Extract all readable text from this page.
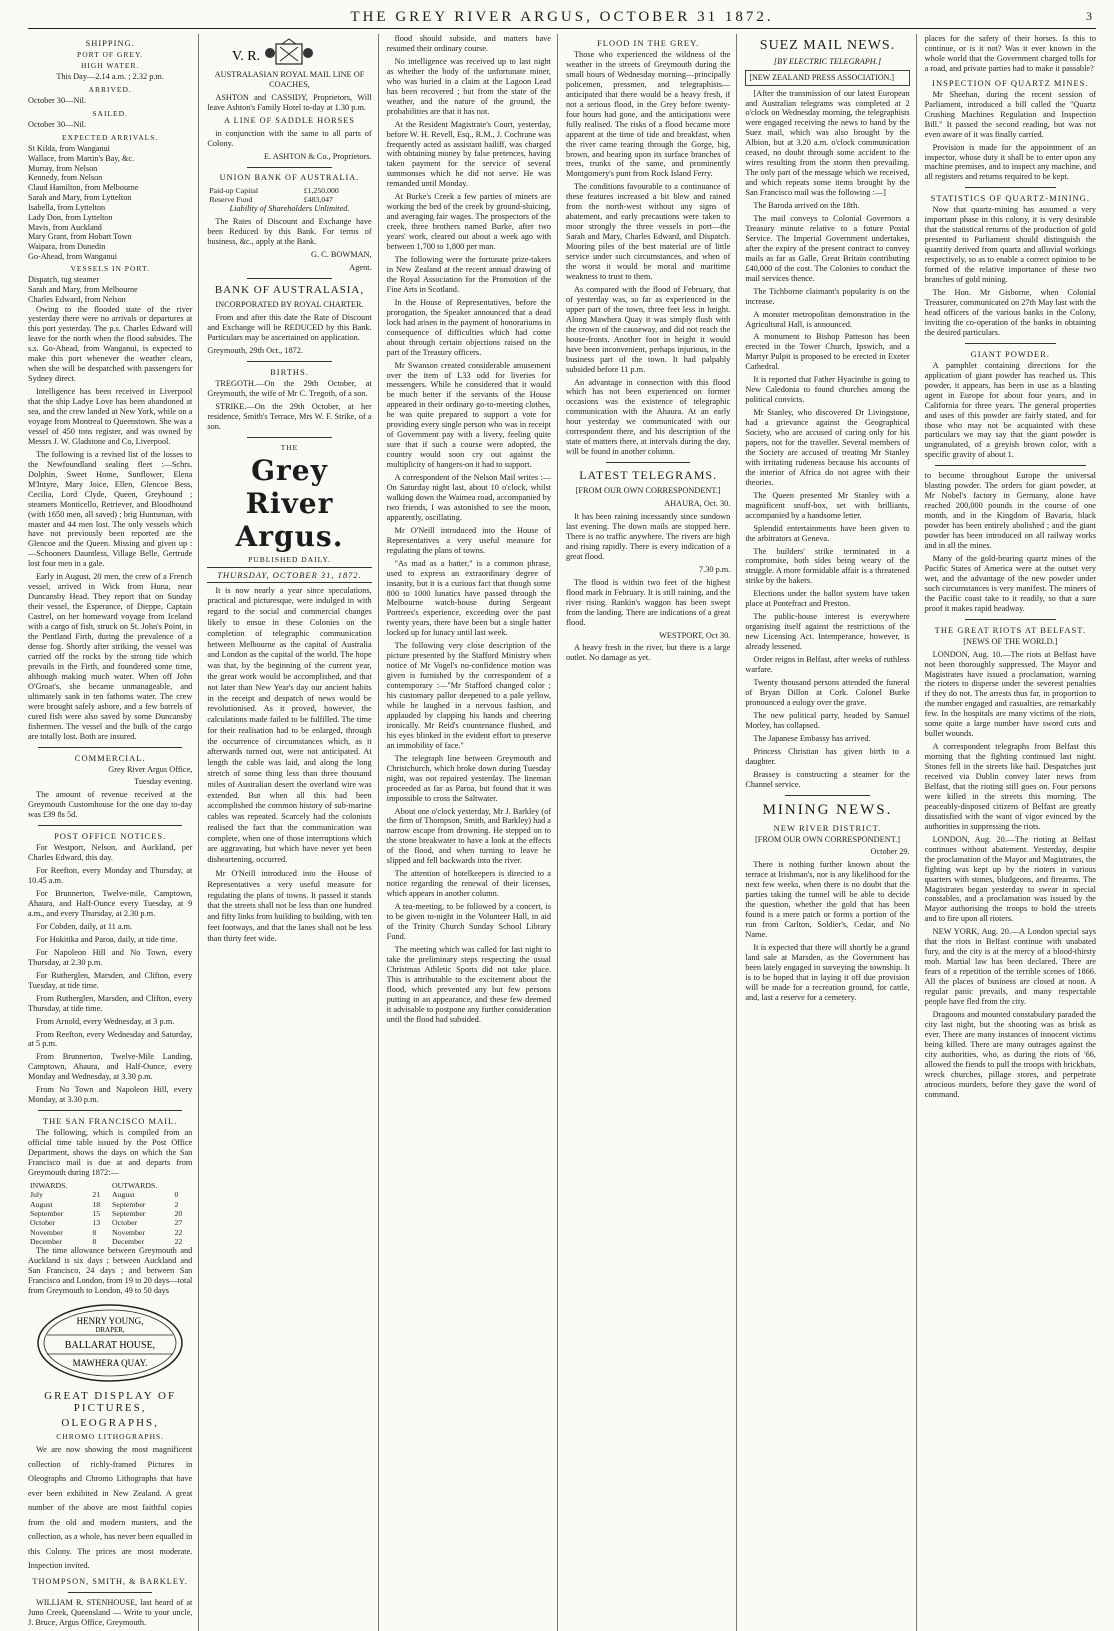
THE GREY RIVER ARGUS, OCTOBER 31 1872.	3
SHIPPING.
PORT OF GREY.
HIGH WATER.

This Day—2.14 a.m. ; 2.32 p.m.

ARRIVED.

October 30—Nil.

SAILED.

October 30—Nil.

EXPECTED ARRIVALS.
St Kilda, from Wanganui
Wallace, from Martin's Bay, &c.
Murray, from Nelson
Kennedy, from Nelson
Claud Hamilton, from Melbourne
Sarah and Mary, from Lyttelton
Isabella, from Lyttelton
Lady Don, from Lyttelton
Mavis, from Auckland
Mary Grant, from Hobart Town
Waipara, from Dunedin
Go-Ahead, from Wanganui
VESSELS IN PORT.
Dispatch, tug steamer
Sarah and Mary, from Melbourne
Charles Edward, from Nelson

Owing to the flooded state of the river yesterday there were no arrivals or departures at this port yesterday. The p.s. Charles Edward will leave for the north when the flood subsides. The s.s. Go-Ahead, from Wanganui, is expected to make this port whenever the weather clears, when she will be despatched with passengers for Sydney direct.

Intelligence has been received in Liverpool that the ship Ladye Love has been abandoned at sea, and the crew landed at New York, while on a voyage from Montreal to Queenstown. She was a vessel of 450 tons register, and was owned by Messrs J. W. Gladstone and Co, Liverpool.

The following is a revised list of the losses to the Newfoundland sealing fleet :—Schrs. Dolphin, Sweet Home, Sunflower, Elena M'Intyre, Mary Joice, Ellen, Glencoe Bess, Cecilia, Lord Clyde, Queen, Greyhound ; steamers Monticello, Retriever, and Bloodhound (with 1650 men, all saved) ; brig Huntsman, with master and 44 men lost. The only vessels which have not previously been reported are the Glencoe and the Queen. Missing and given up :—Schooners Dauntless, Village Belle, Gertrude lost four men in a gale.

Early in August, 20 men, the crew of a French vessel, arrived in Wick from Huna, near Duncansby Head. They report that on Sunday their vessel, the Esperance, of Dieppe, Captain Castrel, on her homeward voyage from Iceland with a cargo of fish, struck on St. John's Point, in the Pentland Firth, during the prevalence of a dense fog. Shortly after striking, the vessel was carried off the rocks by the strong tide which prevails in the Firth, and foundered some time, although making much water. When off John O'Groat's, she became unmanageable, and ultimately sank in ten fathoms water. The crew were brought safely ashore, and a few barrels of cured fish were also saved by some Duncansby fishermen. The vessel and the bulk of the cargo are totally lost. Both are insured.

COMMERCIAL.

Grey River Argus Office,

Tuesday evening.

The amount of revenue received at the Greymouth Customhouse for the one day to-day was £39 8s 5d.

POST OFFICE NOTICES.

For Westport, Nelson, and Auckland, per Charles Edward, this day.

For Reefton, every Monday and Thursday, at 10.45 a.m.

For Brunnerton, Twelve-mile, Camptown, Ahaura, and Half-Ounce every Tuesday, at 9 a.m., and every Thursday, at 2.30 p.m.

For Cobden, daily, at 11 a.m.

For Hokitika and Paroa, daily, at tide time.

For Napoleon Hill and No Town, every Thursday, at 2.30 p.m.

For Rutherglen, Marsden, and Clifton, every Tuesday, at tide time.

From Rutherglen, Marsden, and Clifton, every Thursday, at tide time.

From Arnold, every Wednesday, at 3 p.m.

From Reefton, every Wednesday and Saturday, at 5 p.m.

From Brunnerton, Twelve-Mile Landing, Camptown, Ahaura, and Half-Ounce, every Monday and Wednesday, at 3.30 p.m.

From No Town and Napoleon Hill, every Monday, at 3.30 p.m.

THE SAN FRANCISCO MAIL.

The following, which is compiled from an official time table issued by the Post Office Department, shows the days on which the San Francisco mail is due at and departs from Greymouth during 1872:—

INWARDS.		OUTWARDS.	
July	21	August	0
August	18	September	2
September	15	September	20
October	13	October	27
November	8	November	22
December	8	December	22

The time allowance between Greymouth and Auckland is six days ; between Auckland and San Francisco, 24 days ; and between San Francisco and London, from 19 to 20 days—total from Greymouth to London, 49 to 50 days

HENRY YOUNG,
DRAPER,
BALLARAT HOUSE,
MAWHERA QUAY.
GREAT DISPLAY OF PICTURES,
OLEOGRAPHS,
CHROMO LITHOGRAPHS.

We are now showing the most magnificent collection of richly-framed Pictures in Oleographs and Chromo Lithographs that have ever been exhibited in New Zealand. A great number of the above are most faithful copies from the old and modern masters, and the collection, as a whole, has never been equalled in this Colony. The prices are most moderate. Inspection invited.

THOMPSON, SMITH, & BARKLEY.

WILLIAM R. STENHOUSE, last heard of at Juno Creek, Queensland — Write to your uncle, J. Bruce, Argus Office, Greymouth.

V. R.

AUSTRALASIAN ROYAL MAIL LINE OF COACHES,

ASHTON and CASSIDY, Proprietors, Will leave Ashton's Family Hotel to-day at 1.30 p.m.

A LINE OF SADDLE HORSES

in conjunction with the same to all parts of Colony.

E. ASHTON & Co., Proprietors.

UNION BANK OF AUSTRALIA.

Paid-up Capital	£1,250,000
Reserve Fund	£483,047

Liability of Shareholders Unlimited.

The Rates of Discount and Exchange have been Reduced by this Bank. For terms of business, &c., apply at the Bank.

G. C. BOWMAN,

Agent.

BANK OF AUSTRALASIA,

INCORPORATED BY ROYAL CHARTER.

From and after this date the Rate of Discount and Exchange will be REDUCED by this Bank. Particulars may be ascertained on application.

Greymouth, 29th Oct., 1872.

BIRTHS.

TREGOTH.—On the 29th October, at Greymouth, the wife of Mr C. Tregoth, of a son.

STRIKE.—On the 29th October, at her residence, Smith's Terrace, Mrs W. F. Strike, of a son.

THE
Grey River Argus.
PUBLISHED DAILY.
THURSDAY, OCTOBER 31, 1872.

It is now nearly a year since speculations, practical and picturesque, were indulged in with regard to the social and commercial changes likely to ensue in these Colonies on the completion of telegraphic communication between Melbourne as the capital of Australia and London as the capital of the world. The hope was that, by the beginning of the current year, the great work would be accomplished, and that not later than New Year's day our ancient habits in the receipt and despatch of news would be revolutionised. As it proved, however, the calculations made failed to be fulfilled. The time for their realisation had to be enlarged, through the occurrence of circumstances which, as it afterwards turned out, were not anticipated. At length the cable was laid, and along the long stretch of some thing less than three thousand miles of Australian desert the overland wire was extended. But when all this had been accomplished the common history of sub-marine cables was repeated. Scarcely had the colonists realised the fact that the communication was complete, when one of those interruptions which are aggravating, but which have never yet been disheartening, occurred.

Mr O'Neill introduced into the House of Representatives a very useful measure for regulating the plans of towns. It passed it stands that the streets shall not be less than one hundred and fifty links from building to building, with ten feet footways, and that the lanes shall not be less than thirty feet wide.

flood should subside, and matters have resumed their ordinary course.

No intelligence was received up to last night as whether the body of the unfortunate miner, who was buried in a claim at the Lagoon Lead has been recovered ; but from the state of the weather, and the nature of the ground, the probabilities are that it has not.

At the Resident Magistrate's Court, yesterday, before W. H. Revell, Esq., R.M., J. Cochrane was frequently acted as assistant bailiff, was charged with obtaining money by false pretences, having taken payment for the service of several summonses which he did not serve. He was remanded until Monday.

At Burke's Creek a few parties of miners are working the bed of the creek by ground-sluicing, and averaging fair wages. The prospectors of the creek, three brothers named Burke, after two years' work, cleared out about a week ago with between 1,700 to 1,800 per man.

The following were the fortunate prize-takers in New Zealand at the recent annual drawing of the Royal Association for the Promotion of the Fine Arts in Scotland.

In the House of Representatives, before the prorogation, the Speaker announced that a dead lock had arisen in the payment of honorariums in consequence of difficulties which had come about through certain objections raised on the part of the Treasury officers.

Mr Swanson created considerable amusement over the item of L33 odd for liveries for messengers. While he considered that it would be much better if the servants of the House appeared in their ordinary go-to-meeting clothes, he was quite prepared to support a vote for providing every single person who was in receipt of Government pay with a livery, feeling quite sure that if such a course were adopted, the country would soon cry out against the multiplicity of hangers-on it had to support.

A correspondent of the Nelson Mail writes :—On Saturday night last, about 10 o'clock, whilst walking down the Waimea road, accompanied by two friends, I was astonished to see the moon, apparently, oscillating.

Mr O'Neill introduced into the House of Representatives a very useful measure for regulating the plans of towns.

"As mad as a hatter," is a common phrase, used to express an extraordinary degree of insanity, but it is a curious fact that though some 800 to 1000 lunatics have passed through the Melbourne watch-house during Sergeant Portrees's experience, exceeding over the past twenty years, there have been but a single hatter locked up for lunacy until last week.

The following very close description of the picture presented by the Stafford Ministry when notice of Mr Vogel's no-confidence motion was given is furnished by the correspondent of a contemporary :—"Mr Stafford changed color ; his customary pallor deepened to a pale yellow, while he laughed in a nervous fashion, and applauded by clapping his hands and cheering ironically. Mr Reid's countenance flushed, and his eyes blinked in the evident effort to preserve an immobility of face."

The telegraph line between Greymouth and Christchurch, which broke down during Tuesday night, was not repaired yesterday. The lineman proceeded as far as Paroa, but found that it was impossible to cross the Saltwater.

About one o'clock yesterday, Mr J. Barkley (of the firm of Thompson, Smith, and Barkley) had a narrow escape from drowning. He stepped on to the stone breakwater to have a look at the effects of the flood, and when turning to leave he slipped and fell backwards into the river.

The attention of hotelkeepers is directed to a notice regarding the renewal of their licenses, which appears in another column.

A tea-meeting, to be followed by a concert, is to be given to-night in the Volunteer Hall, in aid of the Trinity Church Sunday School Library Fund.

The meeting which was called for last night to take the preliminary steps respecting the usual Christmas Athletic Sports did not take place. This is attributable to the excitement about the flood, which prevented any but few persons putting in an appearance, and these few deemed it advisable to postpone any further consideration until the flood had subsided.

FLOOD IN THE GREY.

Those who experienced the wildness of the weather in the streets of Greymouth during the small hours of Wednesday morning—principally policemen, pressmen, and telegraphists—anticipated that there would be a heavy fresh, if not a serious flood, in the Grey before twenty-four hours had gone, and the anticipations were fully realised. The risks of a flood became more apparent at the time of tide and breakfast, when the river came tearing through the Gorge, big, brown, and bearing upon its surface branches of trees, trunks of the same, and prominently Montgomery's punt from Rock Island Ferry.

The conditions favourable to a continuance of these features increased a bit blew and rained from the north-west without any signs of abatement, and early precautions were taken to moor strongly the three vessels in port—the Sarah and Mary, Charles Edward, and Dispatch. Mooring piles of the best material are of little service under such circumstances, and when of the worst it would be moral and maritime weakness to trust to them.

As compared with the flood of February, that of yesterday was, so far as experienced in the upper part of the town, three feet less in height. Along Mawhera Quay it was simply flush with the crown of the causeway, and did not reach the house-fronts. Another foot in height it would have been inconvenient, perhaps injurious, in the business part of the town. It had palpably subsided before 11 p.m.

An advantage in connection with this flood which has not been experienced on former occasions was the existence of telegraphic communication with the Ahaura. At an early hour yesterday we communicated with our correspondent there, and his description of the state of matters there, at intervals during the day, will be found in another column.

LATEST TELEGRAMS.

[FROM OUR OWN CORRESPONDENT.]

AHAURA, Oct. 30.

It has been raining incessantly since sundown last evening. The down mails are stopped here. There is no traffic anywhere. The rivers are high and rising rapidly. There is every indication of a great flood.

7.30 p.m.

The flood is within two feet of the highest flood mark in February. It is still raining, and the river rising. Rankin's waggon has been swept from the landing. There are indications of a great flood.

WESTPORT, Oct 30.

A heavy fresh in the river, but there is a large outlet. No damage as yet.

SUEZ MAIL NEWS.

[BY ELECTRIC TELEGRAPH.]

[NEW ZEALAND PRESS ASSOCIATION.]

[After the transmission of our latest European and Australian telegrams was completed at 2 o'clock on Wednesday morning, the telegraphists were engaged receiving the news to hand by the Suez mail, which was also brought by the Albion, but at 3.20 a.m. o'clock communication ceased, no doubt through some accident to the wires resulting from the storm then prevailing. The only part of the message which we received, and which repeats some items brought by the San Francisco mail was the following :—]

The Baroda arrived on the 18th.

The mail conveys to Colonial Governors a Treasury minute relative to a future Postal Service. The Imperial Government undertakes, after the expiry of the present contract to convey mails as far as Galle, Great Britain contributing £40,000 of the cost. The Colonies to conduct the mail services thence.

The Tichborne claimant's popularity is on the increase.

A monster metropolitan demonstration in the Agricultural Hall, is announced.

A monument to Bishop Patteson has been erected in the Tower Church, Ipswich, and a Martyr Pulpit is proposed to be erected in Exeter Cathedral.

It is reported that Father Hyacinthe is going to New Caledonia to found churches among the political convicts.

Mr Stanley, who discovered Dr Livingstone, had a grievance against the Geographical Society, who are accused of caring only for his papers, not for the traveller. Several members of the Society are accused of treating Mr Stanley with irritating rudeness because his accounts of the interior of Africa do not agree with their theories.

The Queen presented Mr Stanley with a magnificent snuff-box, set with brilliants, accompanied by a handsome letter.

Splendid entertainments have been given to the arbitrators at Geneva.

The builders' strike terminated in a compromise, both sides being weary of the struggle. A more formidable affair is a threatened strike by the bakers.

Elections under the ballot system have taken place at Pontefract and Preston.

The public-house interest is everywhere organising itself against the restrictions of the new Licensing Act. Intemperance, however, is already lessened.

Order reigns in Belfast, after weeks of ruthless warfare.

Twenty thousand persons attended the funeral of Bryan Dillon at Cork. Colonel Burke pronounced a eulogy over the grave.

The new political party, headed by Samuel Morley, has collapsed.

The Japanese Embassy has arrived.

Princess Christian has given birth to a daughter.

Brassey is constructing a steamer for the Channel service.

MINING NEWS.
NEW RIVER DISTRICT.

[FROM OUR OWN CORRESPONDENT.]

October 29.

There is nothing further known about the terrace at Irishman's, nor is any likelihood for the next few weeks, when there is no doubt that the parties taking the tunnel will be able to decide the question, whether the gold that has been found is a mere patch or forms a portion of the run from Carlton, Soldier's, Cedar, and No Name.

It is expected that there will shortly be a grand land sale at Marsden, as the Government has been lately engaged in surveying the township. It is to be hoped that in laying it off due provision will be made for a recreation ground, for cattle, and, last a reserve for a cemetery.

places for the safety of their horses. Is this to continue, or is it not? Was it ever known in the whole world that the Government charged tolls for a road, and private parties had to make it passable?

INSPECTION OF QUARTZ MINES.

Mr Sheehan, during the recent session of Parliament, introduced a bill called the "Quartz Crushing Machines Regulation and Inspection Bill." It passed the second reading, but was not even aware of it was finally carried.

Provision is made for the appointment of an inspector, whose duty it shall be to enter upon any machine premises, and to inspect any machine, and all registers and returns required to be kept.

STATISTICS OF QUARTZ-MINING.

Now that quartz-mining has assumed a very important phase in this colony, it is very desirable that the statistical returns of the production of gold presented to Parliament should distinguish the quantity derived from quartz and alluvial workings respectively, so as to enable a correct opinion to be formed of the relative importance of these two branches of gold mining.

The Hon. Mr Gisborne, when Colonial Treasurer, communicated on 27th May last with the head officers of the various banks in the Colony, inviting the co-operation of the banks in obtaining the desired particulars.

GIANT POWDER.

A pamphlet containing directions for the application of giant powder has reached us. This powder, it appears, has been in use as a blasting agent in Europe for about four years, and in California for three years. The general properties and uses of this powder are fairly stated, and for those who may not be acquainted with these particulars we may say that the giant powder is ungranulated, of a greyish brown color, with a specific gravity of about 1.

to become throughout Europe the universal blasting powder. The orders for giant powder, at Mr Nobel's factory in Germany, alone have reached 200,000 pounds in the course of one month, and in the Kingdom of Bavaria, black powder has been entirely abolished ; and the giant powder has been introduced on all railway works and in all the mines.

Many of the gold-bearing quartz mines of the Pacific States of America were at the outset very wet, and the advantage of the new powder under such circumstances is very manifest. The miners of the Pacific coast take to it readily, so that a sure proof it makes rapid headway.

THE GREAT RIOTS AT BELFAST.

[NEWS OF THE WORLD.]

LONDON, Aug. 10.—The riots at Belfast have not been thoroughly suppressed. The Mayor and Magistrates have issued a proclamation, warning the rioters to disperse under the severest penalties if they do not. The arrests thus far, in proportion to the number engaged and casualties, are remarkably few. In the hospitals are many victims of the riots, some quite a large number have sword cuts and bullet wounds.

A correspondent telegraphs from Belfast this morning that the fighting continued last night. Stones fell in the streets like hail. Despatches just received via Dublin convey later news from Belfast, that the rioting still goes on. Four persons were killed in the streets this morning. The peaceably-disposed citizens of Belfast are greatly dissatisfied with the want of vigor evinced by the authorities in suppressing the riots.

LONDON, Aug. 20.—The rioting at Belfast continues without abatement. Yesterday, despite the proclamation of the Mayor and Magistrates, the fighting was kept up by the rioters in various quarters with stones, bludgeons, and firearms. The Magistrates began yesterday to swear in special constables, and a proclamation was issued by the Mayor authorising the troops to hold the streets and to fire upon all rioters.

NEW YORK, Aug. 20.—A London special says that the riots in Belfast continue with unabated fury, and the city is at the mercy of a blood-thirsty mob. Martial law has been declared. There are fears of a repetition of the terrible scenes of 1866. All the places of business are closed at noon. A regular panic prevails, and many respectable people have fled from the city.

Dragoons and mounted constabulary paraded the city last night, but the shooting was as brisk as ever. There are many instances of innocent victims being killed. There are many outrages against the city authorities, who, as during the riots of '66, allowed the fiends to pull the troops with brickbats, wreck churches, pillage stores, and perpetrate atrocious murders, before they gave the word of command.
